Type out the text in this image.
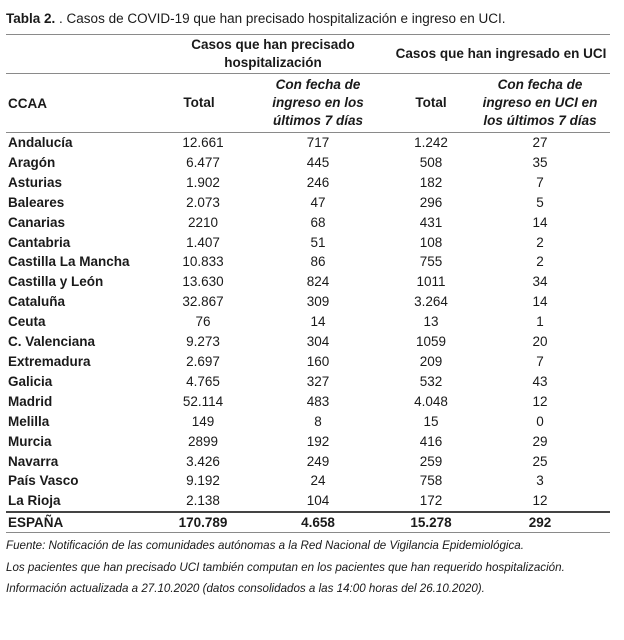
Tabla 2. . Casos de COVID-19 que han precisado hospitalización e ingreso en UCI.
	Casos que han precisado hospitalización		Casos que han ingresado en UCI	
CCAA	Total	Con fecha de ingreso en los últimos 7 días	Total	Con fecha de ingreso en UCI en los últimos 7 días
Andalucía	12.661	717	1.242	27
Aragón	6.477	445	508	35
Asturias	1.902	246	182	7
Baleares	2.073	47	296	5
Canarias	2210	68	431	14
Cantabria	1.407	51	108	2
Castilla La Mancha	10.833	86	755	2
Castilla y León	13.630	824	1011	34
Cataluña	32.867	309	3.264	14
Ceuta	76	14	13	1
C. Valenciana	9.273	304	1059	20
Extremadura	2.697	160	209	7
Galicia	4.765	327	532	43
Madrid	52.114	483	4.048	12
Melilla	149	8	15	0
Murcia	2899	192	416	29
Navarra	3.426	249	259	25
País Vasco	9.192	24	758	3
La Rioja	2.138	104	172	12
ESPAÑA	170.789	4.658	15.278	292
Fuente: Notificación de las comunidades autónomas a la Red Nacional de Vigilancia Epidemiológica.
Los pacientes que han precisado UCI también computan en los pacientes que han requerido hospitalización.
Información actualizada a 27.10.2020 (datos consolidados a las 14:00 horas del 26.10.2020).
